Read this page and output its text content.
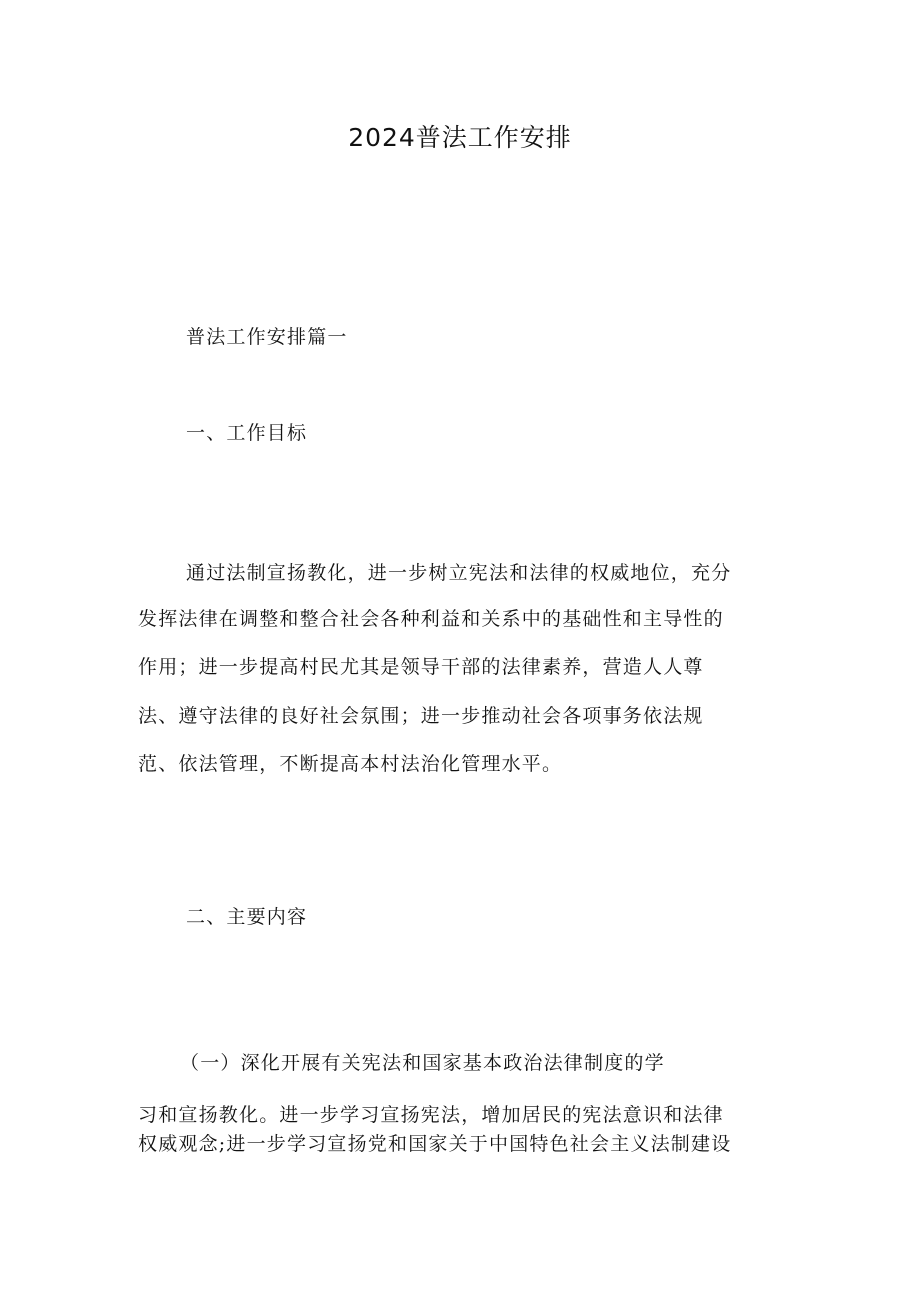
2024普法工作安排
普法工作安排篇一
一、工作目标
通过法制宣扬教化，进一步树立宪法和法律的权威地位，充分
发挥法律在调整和整合社会各种利益和关系中的基础性和主导性的
作用；进一步提高村民尤其是领导干部的法律素养，营造人人尊
法、遵守法律的良好社会氛围；进一步推动社会各项事务依法规
范、依法管理，不断提高本村法治化管理水平。
二、主要内容
（一）深化开展有关宪法和国家基本政治法律制度的学
习和宣扬教化。进一步学习宣扬宪法，增加居民的宪法意识和法律
权威观念;进一步学习宣扬党和国家关于中国特色社会主义法制建设
